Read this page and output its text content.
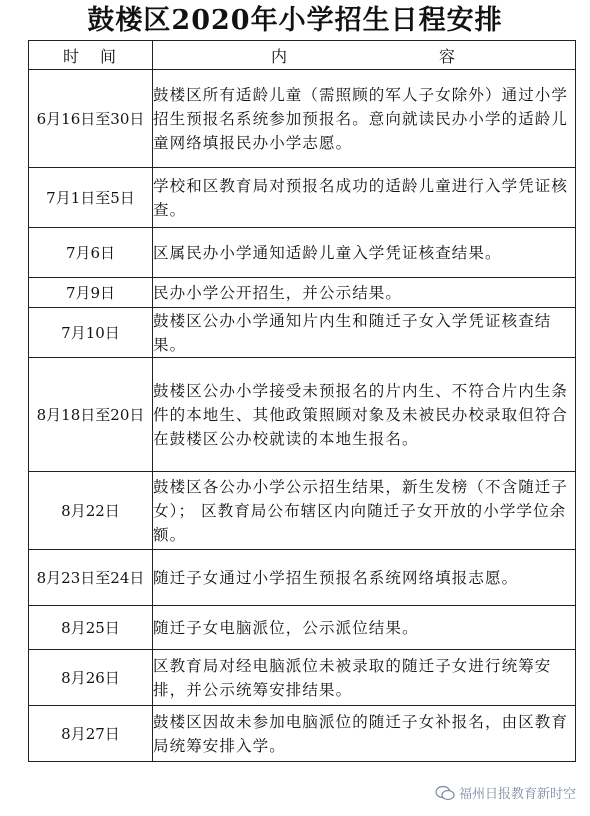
鼓楼区2020年小学招生日程安排
时 间	内 容

6月16日至30日	鼓楼区所有适龄儿童（需照顾的军人子女除外）通过小学招生预报名系统参加预报名。意向就读民办小学的适龄儿童网络填报民办小学志愿。
7月1日至5日	学校和区教育局对预报名成功的适龄儿童进行入学凭证核查。
7月6日	区属民办小学通知适龄儿童入学凭证核查结果。
7月9日	民办小学公开招生，并公示结果。
7月10日	鼓楼区公办小学通知片内生和随迁子女入学凭证核查结果。
8月18日至20日	鼓楼区公办小学接受未预报名的片内生、不符合片内生条件的本地生、其他政策照顾对象及未被民办校录取但符合在鼓楼区公办校就读的本地生报名。
8月22日	鼓楼区各公办小学公示招生结果，新生发榜（不含随迁子女）； 区教育局公布辖区内向随迁子女开放的小学学位余额。
8月23日至24日	随迁子女通过小学招生预报名系统网络填报志愿。
8月25日	随迁子女电脑派位，公示派位结果。
8月26日	区教育局对经电脑派位未被录取的随迁子女进行统筹安排，并公示统筹安排结果。
8月27日	鼓楼区因故未参加电脑派位的随迁子女补报名，由区教育局统筹安排入学。
福州日报教育新时空
